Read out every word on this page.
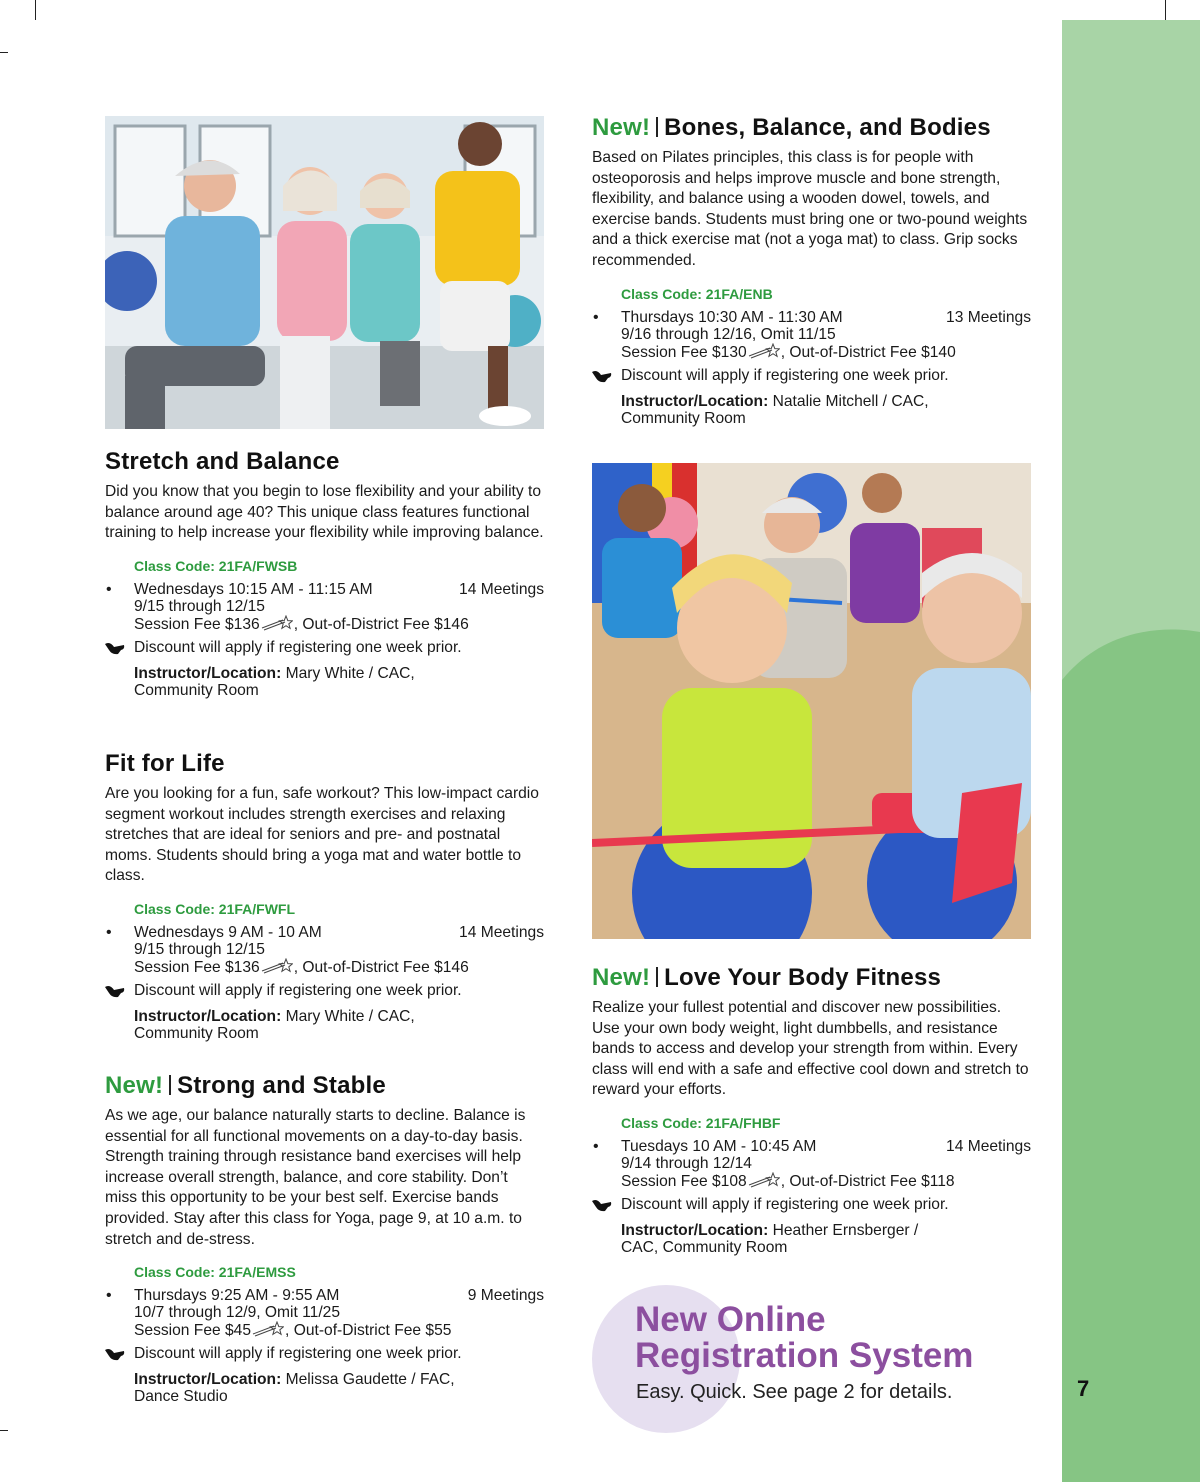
7
Stretch and Balance

Did you know that you begin to lose flexibility and your ability to balance around age 40? This unique class features functional training to help increase your flexibility while improving balance.

Class Code: 21FA/FWSB
• Wednesdays 10:15 AM - 11:15 AM	14 Meetings
9/15 through 12/15
Session Fee $136 , Out-of-District Fee $146
Discount will apply if registering one week prior.
Instructor/Location: Mary White / CAC,
Community Room
Fit for Life

Are you looking for a fun, safe workout? This low-impact cardio segment workout includes strength exercises and relaxing stretches that are ideal for seniors and pre- and postnatal moms. Students should bring a yoga mat and water bottle to class.

Class Code: 21FA/FWFL
• Wednesdays 9 AM - 10 AM	14 Meetings
9/15 through 12/15
Session Fee $136 , Out-of-District Fee $146
Discount will apply if registering one week prior.
Instructor/Location: Mary White / CAC,
Community Room
New! Strong and Stable

As we age, our balance naturally starts to decline. Balance is essential for all functional movements on a day-to-day basis. Strength training through resistance band exercises will help increase overall strength, balance, and core stability. Don’t miss this opportunity to be your best self. Exercise bands provided. Stay after this class for Yoga, page 9, at 10 a.m. to stretch and de-stress.

Class Code: 21FA/EMSS
• Thursdays 9:25 AM - 9:55 AM	9 Meetings
10/7 through 12/9, Omit 11/25
Session Fee $45 , Out-of-District Fee $55
Discount will apply if registering one week prior.
Instructor/Location: Melissa Gaudette / FAC,
Dance Studio
New! Bones, Balance, and Bodies

Based on Pilates principles, this class is for people with osteoporosis and helps improve muscle and bone strength, flexibility, and balance using a wooden dowel, towels, and exercise bands. Students must bring one or two-pound weights and a thick exercise mat (not a yoga mat) to class. Grip socks recommended.

Class Code: 21FA/ENB
• Thursdays 10:30 AM - 11:30 AM	13 Meetings
9/16 through 12/16, Omit 11/15
Session Fee $130 , Out-of-District Fee $140
Discount will apply if registering one week prior.
Instructor/Location: Natalie Mitchell / CAC,
Community Room
New! Love Your Body Fitness

Realize your fullest potential and discover new possibilities. Use your own body weight, light dumbbells, and resistance bands to access and develop your strength from within. Every class will end with a safe and effective cool down and stretch to reward your efforts.

Class Code: 21FA/FHBF
• Tuesdays 10 AM - 10:45 AM	14 Meetings
9/14 through 12/14
Session Fee $108 , Out-of-District Fee $118
Discount will apply if registering one week prior.
Instructor/Location: Heather Ernsberger /
CAC, Community Room
New Online
Registration System
Easy. Quick. See page 2 for details.
